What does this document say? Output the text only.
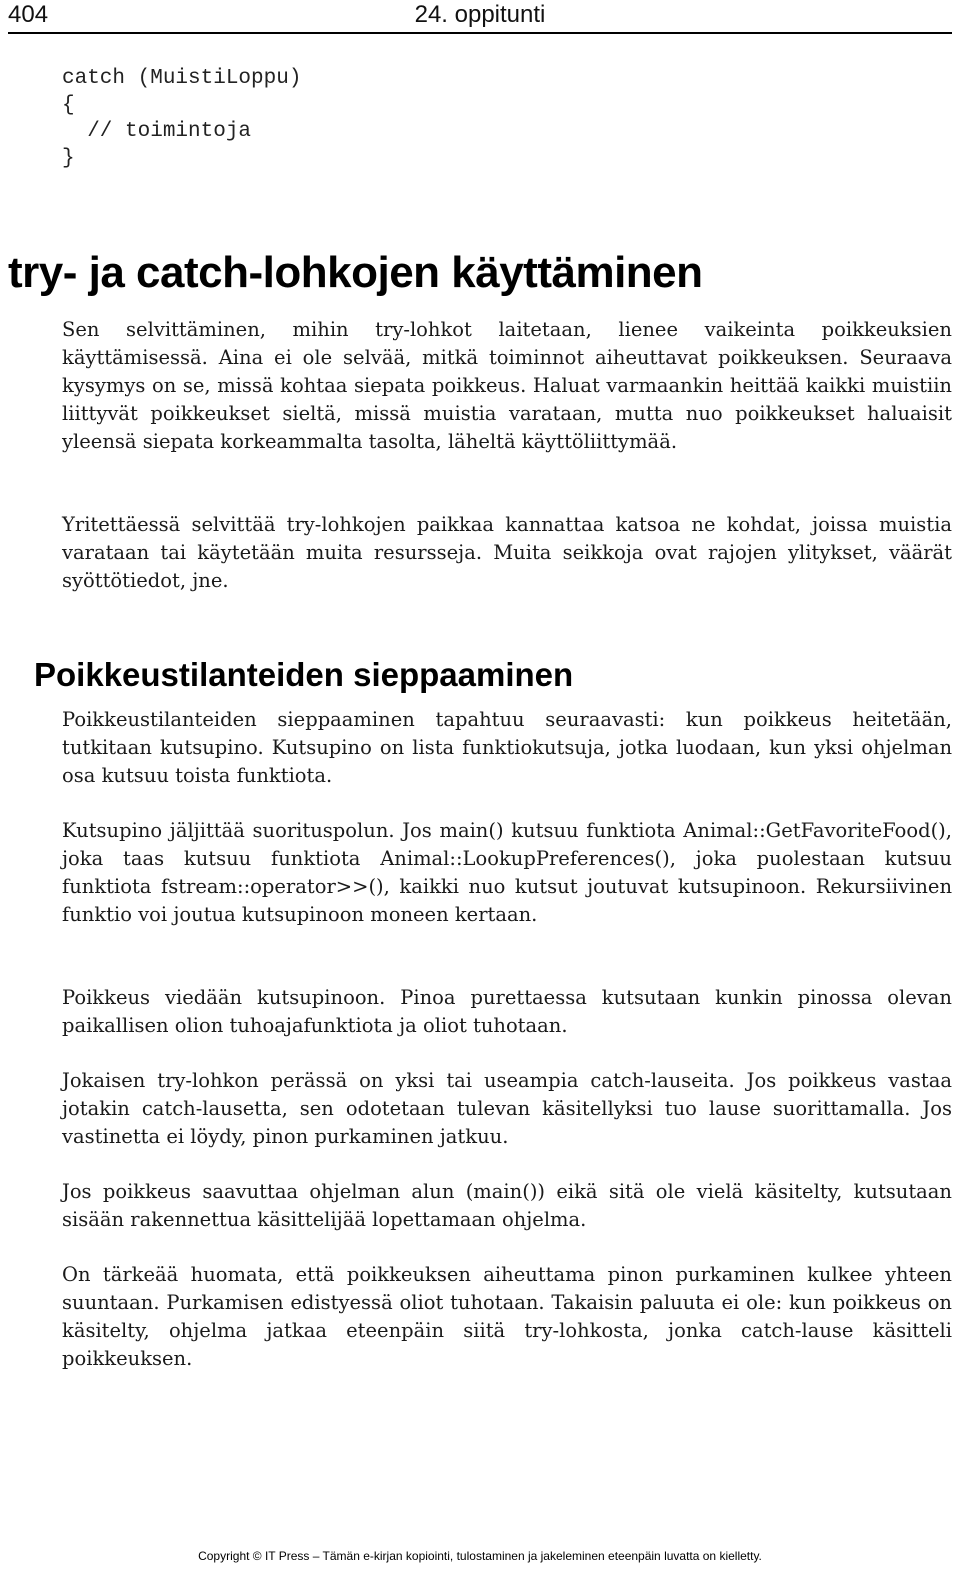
404	24. oppitunti
catch (MuistiLoppu)
{
// toimintoja
}
try- ja catch-lohkojen käyttäminen

Sen selvittäminen, mihin try-lohkot laitetaan, lienee vaikeinta poikkeuksien käyttämisessä. Aina ei ole selvää, mitkä toiminnot aiheuttavat poikkeuksen. Seuraava kysymys on se, missä kohtaa siepata poikkeus. Haluat varmaankin heittää kaikki muistiin liittyvät poikkeukset sieltä, missä muistia varataan, mutta nuo poikkeukset haluaisit yleensä siepata korkeammalta tasolta, läheltä käyttöliittymää.

Yritettäessä selvittää try-lohkojen paikkaa kannattaa katsoa ne kohdat, joissa muistia varataan tai käytetään muita resursseja. Muita seikkoja ovat rajojen ylitykset, väärät syöttötiedot, jne.

Poikkeustilanteiden sieppaaminen

Poikkeustilanteiden sieppaaminen tapahtuu seuraavasti: kun poikkeus heitetään, tutkitaan kutsupino. Kutsupino on lista funktiokutsuja, jotka luodaan, kun yksi ohjelman osa kutsuu toista funktiota.

Kutsupino jäljittää suorituspolun. Jos main() kutsuu funktiota Animal::GetFavoriteFood(), joka taas kutsuu funktiota Animal::LookupPreferences(), joka puolestaan kutsuu funktiota fstream::operator>>(), kaikki nuo kutsut joutuvat kutsupinoon. Rekursiivinen funktio voi joutua kutsupinoon moneen kertaan.

Poikkeus viedään kutsupinoon. Pinoa purettaessa kutsutaan kunkin pinossa olevan paikallisen olion tuhoajafunktiota ja oliot tuhotaan.

Jokaisen try-lohkon perässä on yksi tai useampia catch-lauseita. Jos poikkeus vastaa jotakin catch-lausetta, sen odotetaan tulevan käsitellyksi tuo lause suorittamalla. Jos vastinetta ei löydy, pinon purkaminen jatkuu.

Jos poikkeus saavuttaa ohjelman alun (main()) eikä sitä ole vielä käsitelty, kutsutaan sisään rakennettua käsittelijää lopettamaan ohjelma.

On tärkeää huomata, että poikkeuksen aiheuttama pinon purkaminen kulkee yhteen suuntaan. Purkamisen edistyessä oliot tuhotaan. Takaisin paluuta ei ole: kun poikkeus on käsitelty, ohjelma jatkaa eteenpäin siitä try-lohkosta, jonka catch-lause käsitteli poikkeuksen.

Copyright © IT Press – Tämän e-kirjan kopiointi, tulostaminen ja jakeleminen eteenpäin luvatta on kielletty.
